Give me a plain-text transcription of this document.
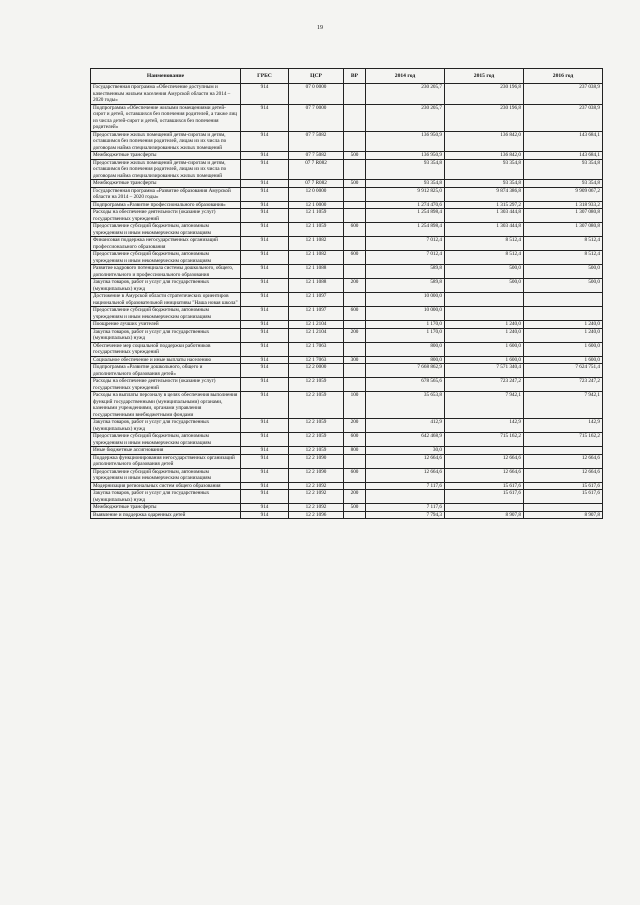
19
Наименование	ГРБС	ЦСР	ВР	2014 год	2015 год	2016 год
Государственная программа «Обеспечение доступным и качественным жильем населения Амурской области на 2014 – 2020 годы»	914	07 0 0000		230 205,7	230 196,8	237 038,9
Подпрограмма «Обеспечение жилыми помещениями детей-сирот и детей, оставшихся без попечения родителей, а также лиц из числа детей-сирот и детей, оставшихся без попечения родителей»	914	07 7 0000		230 205,7	230 196,8	237 038,9
Предоставление жилых помещений детям-сиротам и детям, оставшимся без попечения родителей, лицам из их числа по договорам найма специализированных жилых помещений	914	07 7 5082		136 950,9	136 842,0	143 684,1
Межбюджетные трансферты	914	07 7 5082	500	136 950,9	136 842,0	143 684,1
Предоставление жилых помещений детям-сиротам и детям, оставшимся без попечения родителей, лицам из их числа по договорам найма специализированных жилых помещений	914	07 7 R082		93 354,8	93 354,8	93 354,8
Межбюджетные трансферты	914	07 7 R082	500	93 354,8	93 354,8	93 354,8
Государственная программа «Развитие образования Амурской области на 2014 – 2020 годы»	914	12 0 0000		9 912 825,0	9 874 386,8	9 909 067,2
Подпрограмма «Развитие профессионального образования»	914	12 1 0000		1 274 470,6	1 315 297,2	1 318 933,2
Расходы на обеспечение деятельности (оказание услуг) государственных учреждений	914	12 1 1059		1 254 898,4	1 303 444,8	1 307 080,8
Предоставление субсидий бюджетным, автономным учреждениям и иным некоммерческим организациям	914	12 1 1059	600	1 254 898,4	1 303 444,8	1 307 080,8
Финансовая поддержка негосударственных организаций профессионального образования	914	12 1 1082		7 012,4	8 512,4	8 512,4
Предоставление субсидий бюджетным, автономным учреждениям и иным некоммерческим организациям	914	12 1 1082	600	7 012,4	8 512,4	8 512,4
Развитие кадрового потенциала системы дошкольного, общего, дополнительного и профессионального образования	914	12 1 1088		589,8	500,0	500,0
Закупка товаров, работ и услуг для государственных (муниципальных) нужд	914	12 1 1088	200	589,8	500,0	500,0
Достижение в Амурской области стратегических ориентиров национальной образовательной инициативы "Наша новая школа"	914	12 1 1097		10 000,0		
Предоставление субсидий бюджетным, автономным учреждениям и иным некоммерческим организациям	914	12 1 1097	600	10 000,0		
Поощрение лучших учителей	914	12 1 2104		1 170,0	1 240,0	1 240,0
Закупка товаров, работ и услуг для государственных (муниципальных) нужд	914	12 1 2104	200	1 170,0	1 240,0	1 240,0
Обеспечение мер социальной поддержки работников государственных учреждений	914	12 1 7063		800,0	1 600,0	1 600,0
Социальное обеспечение и иные выплаты населению	914	12 1 7063	300	800,0	1 600,0	1 600,0
Подпрограмма «Развитие дошкольного, общего и дополнительного образования детей»	914	12 2 0000		7 668 862,9	7 571 340,4	7 624 751,4
Расходы на обеспечение деятельности (оказание услуг) государственных учреждений	914	12 2 1059		678 565,6	723 247,2	723 247,2
Расходы на выплаты персоналу в целях обеспечения выполнения функций государственными (муниципальными) органами, казенными учреждениями, органами управления государственными внебюджетными фондами	914	12 2 1059	100	35 653,8	7 942,1	7 942,1
Закупка товаров, работ и услуг для государственных (муниципальных) нужд	914	12 2 1059	200	412,9	142,9	142,9
Предоставление субсидий бюджетным, автономным учреждениям и иным некоммерческим организациям	914	12 2 1059	600	642 468,9	715 162,2	715 162,2
Иные бюджетные ассигнования	914	12 2 1059	800	30,0		
Поддержка функционирования негосударственных организаций дополнительного образования детей	914	12 2 1090		12 664,6	12 664,6	12 664,6
Предоставление субсидий бюджетным, автономным учреждениям и иным некоммерческим организациям	914	12 2 1090	600	12 664,6	12 664,6	12 664,6
Модернизация региональных систем общего образования	914	12 2 1092		7 117,6	15 617,6	15 617,6
Закупка товаров, работ и услуг для государственных (муниципальных) нужд	914	12 2 1092	200		15 617,6	15 617,6
Межбюджетные трансферты	914	12 2 1092	500	7 117,6		
Выявление и поддержка одаренных детей	914	12 2 1096		7 794,3	8 907,8	8 907,8
